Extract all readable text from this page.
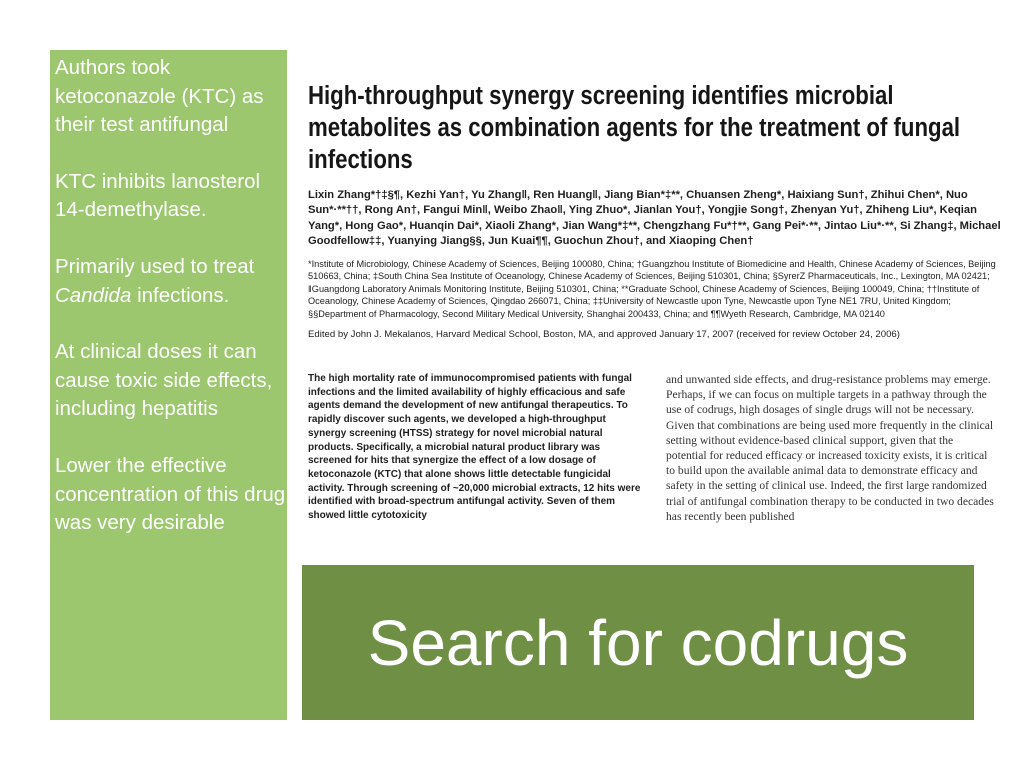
Authors took ketoconazole (KTC) as their test antifungal

KTC inhibits lanosterol 14-demethylase.

Primarily used to treat Candida infections.

At clinical doses it can cause toxic side effects, including hepatitis

Lower the effective concentration of this drug was very desirable

High-throughput synergy screening identifies microbial metabolites as combination agents for the treatment of fungal infections
Lixin Zhang*†‡§¶, Kezhi Yan†, Yu Zhang‖, Ren Huang‖, Jiang Bian*‡**, Chuansen Zheng*, Haixiang Sun†, Zhihui Chen*, Nuo Sun*·**††, Rong An†, Fangui Min‖, Weibo Zhao‖, Ying Zhuo*, Jianlan You†, Yongjie Song†, Zhenyan Yu†, Zhiheng Liu*, Keqian Yang*, Hong Gao*, Huanqin Dai*, Xiaoli Zhang*, Jian Wang*‡**, Chengzhang Fu*†**, Gang Pei*·**, Jintao Liu*·**, Si Zhang‡, Michael Goodfellow‡‡, Yuanying Jiang§§, Jun Kuai¶¶, Guochun Zhou†, and Xiaoping Chen†
*Institute of Microbiology, Chinese Academy of Sciences, Beijing 100080, China; †Guangzhou Institute of Biomedicine and Health, Chinese Academy of Sciences, Beijing 510663, China; ‡South China Sea Institute of Oceanology, Chinese Academy of Sciences, Beijing 510301, China; §SyrerZ Pharmaceuticals, Inc., Lexington, MA 02421; ‖Guangdong Laboratory Animals Monitoring Institute, Beijing 510301, China; **Graduate School, Chinese Academy of Sciences, Beijing 100049, China; ††Institute of Oceanology, Chinese Academy of Sciences, Qingdao 266071, China; ‡‡University of Newcastle upon Tyne, Newcastle upon Tyne NE1 7RU, United Kingdom; §§Department of Pharmacology, Second Military Medical University, Shanghai 200433, China; and ¶¶Wyeth Research, Cambridge, MA 02140
Edited by John J. Mekalanos, Harvard Medical School, Boston, MA, and approved January 17, 2007 (received for review October 24, 2006)
The high mortality rate of immunocompromised patients with fungal infections and the limited availability of highly efficacious and safe agents demand the development of new antifungal therapeutics. To rapidly discover such agents, we developed a high-throughput synergy screening (HTSS) strategy for novel microbial natural products. Specifically, a microbial natural product library was screened for hits that synergize the effect of a low dosage of ketoconazole (KTC) that alone shows little detectable fungicidal activity. Through screening of ~20,000 microbial extracts, 12 hits were identified with broad-spectrum antifungal activity. Seven of them showed little cytotoxicity
and unwanted side effects, and drug-resistance problems may emerge. Perhaps, if we can focus on multiple targets in a pathway through the use of codrugs, high dosages of single drugs will not be necessary. Given that combinations are being used more frequently in the clinical setting without evidence-based clinical support, given that the potential for reduced efficacy or increased toxicity exists, it is critical to build upon the available animal data to demonstrate efficacy and safety in the setting of clinical use. Indeed, the first large randomized trial of antifungal combination therapy to be conducted in two decades has recently been published
Search for codrugs
